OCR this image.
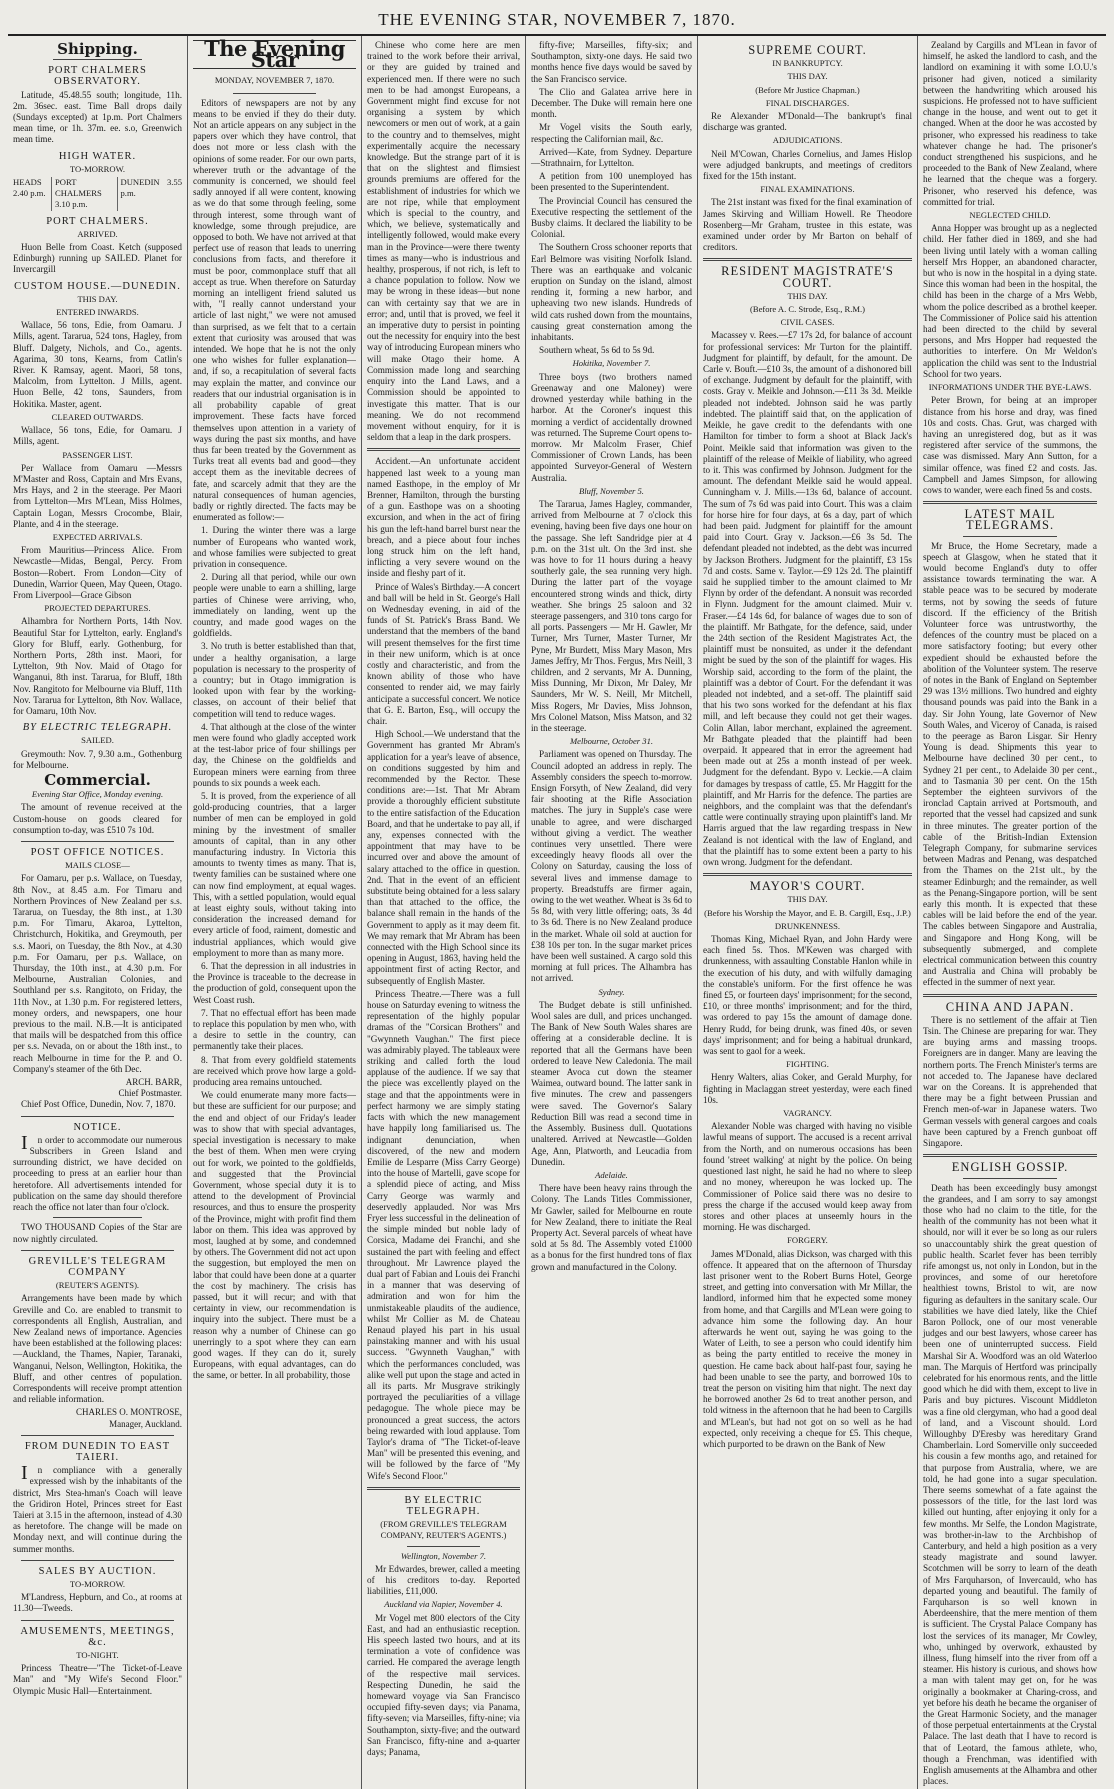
THE EVENING STAR, NOVEMBER 7, 1870.
Shipping.
PORT CHALMERS OBSERVATORY.

Latitude, 45.48.55 south; longitude, 11h. 2m. 36sec. east. Time Ball drops daily (Sundays excepted) at 1p.m. Port Chalmers mean time, or 1h. 37m. ee. s.o, Greenwich mean time.

HIGH WATER.
TO-MORROW.
HEADS 2.40 p.m.
PORT CHALMERS 3.10 p.m.
DUNEDIN 3.55 p.m.
PORT CHALMERS.
ARRIVED.

Huon Belle from Coast. Ketch (supposed Edinburgh) running up SAILED. Planet for Invercargill

CUSTOM HOUSE.—DUNEDIN.
THIS DAY.
ENTERED INWARDS.

Wallace, 56 tons, Edie, from Oamaru. J Mills, agent. Tararua, 524 tons, Hagley, from Bluff. Dalgety, Nichols, and Co., agents. Agarima, 30 tons, Kearns, from Catlin's River. K Ramsay, agent. Maori, 58 tons, Malcolm, from Lyttelton. J Mills, agent. Huon Belle, 42 tons, Saunders, from Hokitika. Master, agent.

CLEARED OUTWARDS.

Wallace, 56 tons, Edie, for Oamaru. J Mills, agent.

PASSENGER LIST.

Per Wallace from Oamaru —Messrs M'Master and Ross, Captain and Mrs Evans, Mrs Hays, and 2 in the steerage. Per Maori from Lyttelton—Mrs M'Lean, Miss Holmes, Captain Logan, Messrs Crocombe, Blair, Plante, and 4 in the steerage.

EXPECTED ARRIVALS.

From Mauritius—Princess Alice. From Newcastle—Midas, Bengal, Percy. From Boston—Robert. From London—City of Dunedin, Warrior Queen, May Queen, Otago. From Liverpool—Grace Gibson

PROJECTED DEPARTURES.

Alhambra for Northern Ports, 14th Nov. Beautiful Star for Lyttelton, early. England's Glory for Bluff, early. Gothenburg, for Northern Ports, 28th inst. Maori, for Lyttelton, 9th Nov. Maid of Otago for Wanganui, 8th inst. Tararua, for Bluff, 18th Nov. Rangitoto for Melbourne via Bluff, 11th Nov. Tararua for Lyttelton, 8th Nov. Wallace, for Oamaru, 10th Nov.

BY ELECTRIC TELEGRAPH.
SAILED.

Greymouth: Nov. 7, 9.30 a.m., Gothenburg for Melbourne.

Commercial.
Evening Star Office, Monday evening.

The amount of revenue received at the Custom-house on goods cleared for consumption to-day, was £510 7s 10d.

POST OFFICE NOTICES.
MAILS CLOSE—

For Oamaru, per p.s. Wallace, on Tuesday, 8th Nov., at 8.45 a.m. For Timaru and Northern Provinces of New Zealand per s.s. Tararua, on Tuesday, the 8th inst., at 1.30 p.m. For Timaru, Akaroa, Lyttelton, Christchurch, Hokitika, and Greymouth, per s.s. Maori, on Tuesday, the 8th Nov., at 4.30 p.m. For Oamaru, per p.s. Wallace, on Thursday, the 10th inst., at 4.30 p.m. For Melbourne, Australian Colonies, and Southland per s.s. Rangitoto, on Friday, the 11th Nov., at 1.30 p.m. For registered letters, money orders, and newspapers, one hour previous to the mail. N.B.—It is anticipated that mails will be despatched from this office per s.s. Nevada, on or about the 18th inst., to reach Melbourne in time for the P. and O. Company's steamer of the 6th Dec.

ARCH. BARR,
Chief Postmaster.

Chief Post Office, Dunedin, Nov. 7, 1870.

NOTICE.

In order to accommodate our numerous Subscribers in Green Island and surrounding district, we have decided on proceeding to press at an earlier hour than heretofore. All advertisements intended for publication on the same day should therefore reach the office not later than four o'clock.

TWO THOUSAND Copies of the Star are now nightly circulated.

GREVILLE'S TELEGRAM COMPANY
(REUTER'S AGENTS).

Arrangements have been made by which Greville and Co. are enabled to transmit to correspondents all English, Australian, and New Zealand news of importance. Agencies have been established at the following places:—Auckland, the Thames, Napier, Taranaki, Wanganui, Nelson, Wellington, Hokitika, the Bluff, and other centres of population. Correspondents will receive prompt attention and reliable information.

CHARLES O. MONTROSE,
Manager, Auckland.
FROM DUNEDIN TO EAST TAIERI.

In compliance with a generally expressed wish by the inhabitants of the district, Mrs Stea-hman's Coach will leave the Gridiron Hotel, Princes street for East Taieri at 3.15 in the afternoon, instead of 4.30 as heretofore. The change will be made on Monday next, and will continue during the summer months.

SALES BY AUCTION.
TO-MORROW.

M'Landress, Hepburn, and Co., at rooms at 11.30—Tweeds.

AMUSEMENTS, MEETINGS, &c.
TO-NIGHT.

Princess Theatre—"The Ticket-of-Leave Man" and "My Wife's Second Floor." Olympic Music Hall—Entertainment.

The Evening Star
MONDAY, NOVEMBER 7, 1870.

Editors of newspapers are not by any means to be envied if they do their duty. Not an article appears on any subject in the papers over which they have control, that does not more or less clash with the opinions of some reader. For our own parts, wherever truth or the advantage of the community is concerned, we should feel sadly annoyed if all were content, knowing as we do that some through feeling, some through interest, some through want of knowledge, some through prejudice, are opposed to both. We have not arrived at that perfect use of reason that leads to unerring conclusions from facts, and therefore it must be poor, commonplace stuff that all accept as true. When therefore on Saturday morning an intelligent friend saluted us with, "I really cannot understand your article of last night," we were not amused than surprised, as we felt that to a certain extent that curiosity was aroused that was intended. We hope that he is not the only one who wishes for fuller explanation—and, if so, a recapitulation of several facts may explain the matter, and convince our readers that our industrial organisation is in all probability capable of great improvement. These facts have forced themselves upon attention in a variety of ways during the past six months, and have thus far been treated by the Government as Turks treat all events bad and good—they accept them as the inevitable decrees of fate, and scarcely admit that they are the natural consequences of human agencies, badly or rightly directed. The facts may be enumerated as follow:—

1. During the winter there was a large number of Europeans who wanted work, and whose families were subjected to great privation in consequence.

2. During all that period, while our own people were unable to earn a shilling, large parties of Chinese were arriving, who, immediately on landing, went up the country, and made good wages on the goldfields.

3. No truth is better established than that, under a healthy organisation, a large population is necessary to the prosperity of a country; but in Otago immigration is looked upon with fear by the working-classes, on account of their belief that competition will tend to reduce wages.

4. That although at the close of the winter men were found who gladly accepted work at the test-labor price of four shillings per day, the Chinese on the goldfields and European miners were earning from three pounds to six pounds a week each.

5. It is proved, from the experience of all gold-producing countries, that a larger number of men can be employed in gold mining by the investment of smaller amounts of capital, than in any other manufacturing industry. In Victoria this amounts to twenty times as many. That is, twenty families can be sustained where one can now find employment, at equal wages. This, with a settled population, would equal at least eighty souls, without taking into consideration the increased demand for every article of food, raiment, domestic and industrial appliances, which would give employment to more than as many more.

6. That the depression in all industries in the Province is traceable to the decrease in the production of gold, consequent upon the West Coast rush.

7. That no effectual effort has been made to replace this population by men who, with a desire to settle in the country, can permanently take their places.

8. That from every goldfield statements are received which prove how large a gold-producing area remains untouched.

We could enumerate many more facts—but these are sufficient for our purpose; and the end and object of our Friday's leader was to show that with special advantages, special investigation is necessary to make the best of them. When men were crying out for work, we pointed to the goldfields, and suggested that the Provincial Government, whose special duty it is to attend to the development of Provincial resources, and thus to ensure the prosperity of the Province, might with profit find them labor on them. This idea was approved by most, laughed at by some, and condemned by others. The Government did not act upon the suggestion, but employed the men on labor that could have been done at a quarter the cost by machinery. The crisis has passed, but it will recur; and with that certainty in view, our recommendation is inquiry into the subject. There must be a reason why a number of Chinese can go unerringly to a spot where they can earn good wages. If they can do it, surely Europeans, with equal advantages, can do the same, or better. In all probability, those

Chinese who come here are men trained to the work before their arrival, or they are guided by trained and experienced men. If there were no such men to be had amongst Europeans, a Government might find excuse for not organising a system by which newcomers or men out of work, at a gain to the country and to themselves, might experimentally acquire the necessary knowledge. But the strange part of it is that on the slightest and flimsiest grounds premiums are offered for the establishment of industries for which we are not ripe, while that employment which is special to the country, and which, we believe, systematically and intelligently followed, would make every man in the Province—were there twenty times as many—who is industrious and healthy, prosperous, if not rich, is left to a chance population to follow. Now we may be wrong in these ideas—but none can with certainty say that we are in error; and, until that is proved, we feel it an imperative duty to persist in pointing out the necessity for enquiry into the best way of introducing European miners who will make Otago their home. A Commission made long and searching enquiry into the Land Laws, and a Commission should be appointed to investigate this matter. That is our meaning. We do not recommend movement without enquiry, for it is seldom that a leap in the dark prospers.

Accident.—An unfortunate accident happened last week to a young man named Easthope, in the employ of Mr Brenner, Hamilton, through the bursting of a gun. Easthope was on a shooting excursion, and when in the act of firing his gun the left-hand barrel burst near the breach, and a piece about four inches long struck him on the left hand, inflicting a very severe wound on the inside and fleshy part of it.

Prince of Wales's Birthday.—A concert and ball will be held in St. George's Hall on Wednesday evening, in aid of the funds of St. Patrick's Brass Band. We understand that the members of the band will present themselves for the first time in their new uniform, which is at once costly and characteristic, and from the known ability of those who have consented to render aid, we may fairly anticipate a successful concert. We notice that G. E. Barton, Esq., will occupy the chair.

High School.—We understand that the Government has granted Mr Abram's application for a year's leave of absence, on conditions suggested by him and recommended by the Rector. These conditions are:—1st. That Mr Abram provide a thoroughly efficient substitute to the entire satisfaction of the Education Board, and that he undertake to pay all, if any, expenses connected with the appointment that may have to be incurred over and above the amount of salary attached to the office in question. 2nd. That in the event of an efficient substitute being obtained for a less salary than that attached to the office, the balance shall remain in the hands of the Government to apply as it may deem fit. We may remark that Mr Abram has been connected with the High School since its opening in August, 1863, having held the appointment first of acting Rector, and subsequently of English Master.

Princess Theatre.—There was a full house on Saturday evening to witness the representation of the highly popular dramas of the "Corsican Brothers" and "Gwynneth Vaughan." The first piece was admirably played. The tableaux were striking and called forth the loud applause of the audience. If we say that the piece was excellently played on the stage and that the appointments were in perfect harmony we are simply stating facts with which the new management have happily long familiarised us. The indignant denunciation, when discovered, of the new and modern Emilie de Lesparre (Miss Carry George) into the house of Martelli, gave scope for a splendid piece of acting, and Miss Carry George was warmly and deservedly applauded. Nor was Mrs Fryer less successful in the delineation of the simple minded but noble lady of Corsica, Madame dei Franchi, and she sustained the part with feeling and effect throughout. Mr Lawrence played the dual part of Fabian and Louis dei Franchi in a manner that was deserving of admiration and won for him the unmistakeable plaudits of the audience, whilst Mr Collier as M. de Chateau Renaud played his part in his usual painstaking manner and with his usual success. "Gwynneth Vaughan," with which the performances concluded, was alike well put upon the stage and acted in all its parts. Mr Musgrave strikingly portrayed the peculiarities of a village pedagogue. The whole piece may be pronounced a great success, the actors being rewarded with loud applause. Tom Taylor's drama of "The Ticket-of-leave Man" will be presented this evening, and will be followed by the farce of "My Wife's Second Floor."

BY ELECTRIC TELEGRAPH.
(FROM GREVILLE'S TELEGRAM COMPANY, REUTER'S AGENTS.)
Wellington, November 7.

Mr Edwardes, brewer, called a meeting of his creditors to-day. Reported liabilities, £11,000.

Auckland via Napier, November 4.

Mr Vogel met 800 electors of the City East, and had an enthusiastic reception. His speech lasted two hours, and at its termination a vote of confidence was carried. He compared the average length of the respective mail services. Respecting Dunedin, he said the homeward voyage via San Francisco occupied fifty-seven days; via Panama, fifty-seven; via Marseilles, fifty-nine; via Southampton, sixty-five; and the outward San Francisco, fifty-nine and a-quarter days; Panama,

fifty-five; Marseilles, fifty-six; and Southampton, sixty-one days. He said two months hence five days would be saved by the San Francisco service.

The Clio and Galatea arrive here in December. The Duke will remain here one month.

Mr Vogel visits the South early, respecting the Californian mail, &c.

Arrived—Kate, from Sydney. Departure—Strathnairn, for Lyttelton.

A petition from 100 unemployed has been presented to the Superintendent.

The Provincial Council has censured the Executive respecting the settlement of the Busby claims. It declared the liability to be Colonial.

The Southern Cross schooner reports that Earl Belmore was visiting Norfolk Island. There was an earthquake and volcanic eruption on Sunday on the island, almost rending it, forming a new harbor, and upheaving two new islands. Hundreds of wild cats rushed down from the mountains, causing great consternation among the inhabitants.

Southern wheat, 5s 6d to 5s 9d.

Hokitika, November 7.

Three boys (two brothers named Greenaway and one Maloney) were drowned yesterday while bathing in the harbor. At the Coroner's inquest this morning a verdict of accidentally drowned was returned. The Supreme Court opens to-morrow. Mr Malcolm Fraser, Chief Commissioner of Crown Lands, has been appointed Surveyor-General of Western Australia.

Bluff, November 5.

The Tararua, James Hagley, commander, arrived from Melbourne at 7 o'clock this evening, having been five days one hour on the passage. She left Sandridge pier at 4 p.m. on the 31st ult. On the 3rd inst. she was hove to for 11 hours during a heavy southerly gale, the sea running very high. During the latter part of the voyage encountered strong winds and thick, dirty weather. She brings 25 saloon and 32 steerage passengers, and 310 tons cargo for all ports. Passengers — Mr H. Gawler, Mr Turner, Mrs Turner, Master Turner, Mr Pyne, Mr Burdett, Miss Mary Mason, Mrs James Jeffry, Mr Thos. Fergus, Mrs Neill, 3 children, and 2 servants, Mr A. Dunning, Miss Dunning, Mr Dixon, Mr Daley, Mr Saunders, Mr W. S. Neill, Mr Mitchell, Miss Rogers, Mr Davies, Miss Johnson, Mrs Colonel Matson, Miss Matson, and 32 in the steerage.

Melbourne, October 31.

Parliament was opened on Thursday. The Council adopted an address in reply. The Assembly considers the speech to-morrow. Ensign Forsyth, of New Zealand, did very fair shooting at the Rifle Association matches. The jury in Supple's case were unable to agree, and were discharged without giving a verdict. The weather continues very unsettled. There were exceedingly heavy floods all over the Colony on Saturday, causing the loss of several lives and immense damage to property. Breadstuffs are firmer again, owing to the wet weather. Wheat is 3s 6d to 5s 8d, with very little offering; oats, 3s 4d to 3s 6d. There is no New Zealand produce in the market. Whale oil sold at auction for £38 10s per ton. In the sugar market prices have been well sustained. A cargo sold this morning at full prices. The Alhambra has not arrived.

Sydney.

The Budget debate is still unfinished. Wool sales are dull, and prices unchanged. The Bank of New South Wales shares are offering at a considerable decline. It is reported that all the Germans have been ordered to leave New Caledonia. The mail steamer Avoca cut down the steamer Waimea, outward bound. The latter sank in five minutes. The crew and passengers were saved. The Governor's Salary Reduction Bill was read a second time in the Assembly. Business dull. Quotations unaltered. Arrived at Newcastle—Golden Age, Ann, Platworth, and Leucadia from Dunedin.

Adelaide.

There have been heavy rains through the Colony. The Lands Titles Commissioner, Mr Gawler, sailed for Melbourne en route for New Zealand, there to initiate the Real Property Act. Several parcels of wheat have sold at 5s 8d. The Assembly voted £1000 as a bonus for the first hundred tons of flax grown and manufactured in the Colony.

SUPREME COURT.
IN BANKRUPTCY.
THIS DAY.
(Before Mr Justice Chapman.)
FINAL DISCHARGES.

Re Alexander M'Donald—The bankrupt's final discharge was granted.

ADJUDICATIONS.

Neil M'Cowan, Charles Cornelius, and James Hislop were adjudged bankrupts, and meetings of creditors fixed for the 15th instant.

FINAL EXAMINATIONS.

The 21st instant was fixed for the final examination of James Skirving and William Howell. Re Theodore Rosenberg—Mr Graham, trustee in this estate, was examined under order by Mr Barton on behalf of creditors.

RESIDENT MAGISTRATE'S COURT.
THIS DAY.
(Before A. C. Strode, Esq., R.M.)
CIVIL CASES.

Macassey v. Rees.—£7 17s 2d, for balance of account for professional services: Mr Turton for the plaintiff. Judgment for plaintiff, by default, for the amount. De Carle v. Bouft.—£10 3s, the amount of a dishonored bill of exchange. Judgment by default for the plaintiff, with costs. Gray v. Meikle and Johnson.—£11 3s 3d. Meikle pleaded not indebted. Johnson said he was partly indebted. The plaintiff said that, on the application of Meikle, he gave credit to the defendants with one Hamilton for timber to form a shoot at Black Jack's Point. Meikle said that information was given to the plaintiff of the release of Meikle of liability, who agreed to it. This was confirmed by Johnson. Judgment for the amount. The defendant Meikle said he would appeal. Cunningham v. J. Mills.—13s 6d, balance of account. The sum of 7s 6d was paid into Court. This was a claim for horse hire for four days, at 6s a day, part of which had been paid. Judgment for plaintiff for the amount paid into Court. Gray v. Jackson.—£6 3s 5d. The defendant pleaded not indebted, as the debt was incurred by Jackson Brothers. Judgment for the plaintiff, £3 15s 7d and costs. Same v. Taylor.—£9 12s 2d. The plaintiff said he supplied timber to the amount claimed to Mr Flynn by order of the defendant. A nonsuit was recorded in Flynn. Judgment for the amount claimed. Muir v. Fraser.—£4 14s 6d, for balance of wages due to son of the plaintiff. Mr Bathgate, for the defence, said, under the 24th section of the Resident Magistrates Act, the plaintiff must be nonsuited, as under it the defendant might be sued by the son of the plaintiff for wages. His Worship said, according to the form of the plaint, the plaintiff was a debtor of Court. For the defendant it was pleaded not indebted, and a set-off. The plaintiff said that his two sons worked for the defendant at his flax mill, and left because they could not get their wages. Colin Allan, labor merchant, explained the agreement. Mr Bathgate pleaded that the plaintiff had been overpaid. It appeared that in error the agreement had been made out at 25s a month instead of per week. Judgment for the defendant. Bypo v. Leckie.—A claim for damages by trespass of cattle, £5. Mr Haggitt for the plaintiff, and Mr Harris for the defence. The parties are neighbors, and the complaint was that the defendant's cattle were continually straying upon plaintiff's land. Mr Harris argued that the law regarding trespass in New Zealand is not identical with the law of England, and that the plaintiff has to some extent been a party to his own wrong. Judgment for the defendant.

MAYOR'S COURT.
THIS DAY.
(Before his Worship the Mayor, and E. B. Cargill, Esq., J.P.)
DRUNKENNESS.

Thomas King, Michael Ryan, and John Hardy were each fined 5s. Thos. M'Kewen was charged with drunkenness, with assaulting Constable Hanlon while in the execution of his duty, and with wilfully damaging the constable's uniform. For the first offence he was fined £5, or fourteen days' imprisonment; for the second, £10, or three months' imprisonment; and for the third, was ordered to pay 15s the amount of damage done. Henry Rudd, for being drunk, was fined 40s, or seven days' imprisonment; and for being a habitual drunkard, was sent to gaol for a week.

FIGHTING.

Henry Walters, alias Coker, and Gerald Murphy, for fighting in Maclaggan street yesterday, were each fined 10s.

VAGRANCY.

Alexander Noble was charged with having no visible lawful means of support. The accused is a recent arrival from the North, and on numerous occasions has been found 'street walking' at night by the police. On being questioned last night, he said he had no where to sleep and no money, whereupon he was locked up. The Commissioner of Police said there was no desire to press the charge if the accused would keep away from stores and other places at unseemly hours in the morning. He was discharged.

FORGERY.

James M'Donald, alias Dickson, was charged with this offence. It appeared that on the afternoon of Thursday last prisoner went to the Robert Burns Hotel, George street, and getting into conversation with Mr Millar, the landlord, informed him that he expected some money from home, and that Cargills and M'Lean were going to advance him some the following day. An hour afterwards he went out, saying he was going to the Water of Leith, to see a person who could identify him as being the party entitled to receive the money in question. He came back about half-past four, saying he had been unable to see the party, and borrowed 10s to treat the person on visiting him that night. The next day he borrowed another 2s 6d to treat another person, and told witness in the afternoon that he had been to Cargills and M'Lean's, but had not got on so well as he had expected, only receiving a cheque for £5. This cheque, which purported to be drawn on the Bank of New

Zealand by Cargills and M'Lean in favor of himself, he asked the landlord to cash, and the landlord on examining it with some I.O.U.'s prisoner had given, noticed a similarity between the handwriting which aroused his suspicions. He professed not to have sufficient change in the house, and went out to get it changed. When at the door he was accosted by prisoner, who expressed his readiness to take whatever change he had. The prisoner's conduct strengthened his suspicions, and he proceeded to the Bank of New Zealand, where he learned that the cheque was a forgery. Prisoner, who reserved his defence, was committed for trial.

NEGLECTED CHILD.

Anna Hopper was brought up as a neglected child. Her father died in 1869, and she had been living until lately with a woman calling herself Mrs Hopper, an abandoned character, but who is now in the hospital in a dying state. Since this woman had been in the hospital, the child has been in the charge of a Mrs Webb, whom the police described as a brothel keeper. The Commissioner of Police said his attention had been directed to the child by several persons, and Mrs Hopper had requested the authorities to interfere. On Mr Weldon's application the child was sent to the Industrial School for two years.

INFORMATIONS UNDER THE BYE-LAWS.

Peter Brown, for being at an improper distance from his horse and dray, was fined 10s and costs. Chas. Grut, was charged with having an unregistered dog, but as it was registered after service of the summons, the case was dismissed. Mary Ann Sutton, for a similar offence, was fined £2 and costs. Jas. Campbell and James Simpson, for allowing cows to wander, were each fined 5s and costs.

LATEST MAIL TELEGRAMS.

Mr Bruce, the Home Secretary, made a speech at Glasgow, when he stated that it would become England's duty to offer assistance towards terminating the war. A stable peace was to be secured by moderate terms, not by sowing the seeds of future discord. If the efficiency of the British Volunteer force was untrustworthy, the defences of the country must be placed on a more satisfactory footing; but every other expedient should be exhausted before the abolition of the Volunteer system. The reserve of notes in the Bank of England on September 29 was 13½ millions. Two hundred and eighty thousand pounds was paid into the Bank in a day. Sir John Young, late Governor of New South Wales, and Viceroy of Canada, is raised to the peerage as Baron Lisgar. Sir Henry Young is dead. Shipments this year to Melbourne have declined 30 per cent., to Sydney 21 per cent., to Adelaide 30 per cent., and to Tasmania 30 per cent. On the 15th September the eighteen survivors of the ironclad Captain arrived at Portsmouth, and reported that the vessel had capsized and sunk in three minutes. The greater portion of the cable of the British-Indian Extension Telegraph Company, for submarine services between Madras and Penang, was despatched from the Thames on the 21st ult., by the steamer Edinburgh; and the remainder, as well as the Penang-Singapore portion, will be sent early this month. It is expected that these cables will be laid before the end of the year. The cables between Singapore and Australia, and Singapore and Hong Kong, will be subsequently submerged, and complete electrical communication between this country and Australia and China will probably be effected in the summer of next year.

CHINA AND JAPAN.

There is no settlement of the affair at Tien Tsin. The Chinese are preparing for war. They are buying arms and massing troops. Foreigners are in danger. Many are leaving the northern ports. The French Minister's terms are not acceded to. The Japanese have declared war on the Coreans. It is apprehended that there may be a fight between Prussian and French men-of-war in Japanese waters. Two German vessels with general cargoes and coals have been captured by a French gunboat off Singapore.

ENGLISH GOSSIP.

Death has been exceedingly busy amongst the grandees, and I am sorry to say amongst those who had no claim to the title, for the health of the community has not been what it should, nor will it ever be so long as our rulers so unaccountably shirk the great question of public health. Scarlet fever has been terribly rife amongst us, not only in London, but in the provinces, and some of our heretofore healthiest towns, Bristol to wit, are now figuring as defaulters in the sanitary scale. Our stabilities we have died lately, like the Chief Baron Pollock, one of our most venerable judges and our best lawyers, whose career has been one of uninterrupted success. Field Marshal Sir A. Woodford was an old Waterloo man. The Marquis of Hertford was principally celebrated for his enormous rents, and the little good which he did with them, except to live in Paris and buy pictures. Viscount Middleton was a fine old clergyman, who had a good deal of land, and a Viscount should. Lord Willoughby D'Eresby was hereditary Grand Chamberlain. Lord Somerville only succeeded his cousin a few months ago, and retained for that purpose from Australia, where, we are told, he had gone into a sugar speculation. There seems somewhat of a fate against the possessors of the title, for the last lord was killed out hunting, after enjoying it only for a few months. Mr Selfe, the London Magistrate, was brother-in-law to the Archbishop of Canterbury, and held a high position as a very steady magistrate and sound lawyer. Scotchmen will be sorry to learn of the death of Mrs Farquharson, of Invercauld, who has departed young and beautiful. The family of Farquharson is so well known in Aberdeenshire, that the mere mention of them is sufficient. The Crystal Palace Company has lost the services of its manager, Mr Cowley, who, unhinged by overwork, exhausted by illness, flung himself into the river from off a steamer. His history is curious, and shows how a man with talent may get on, for he was originally a bookmaker at Charing-cross, and yet before his death he became the organiser of the Great Harmonic Society, and the manager of those perpetual entertainments at the Crystal Palace. The last death that I have to record is that of Leotard, the famous athlete, who, though a Frenchman, was identified with English amusements at the Alhambra and other places.
